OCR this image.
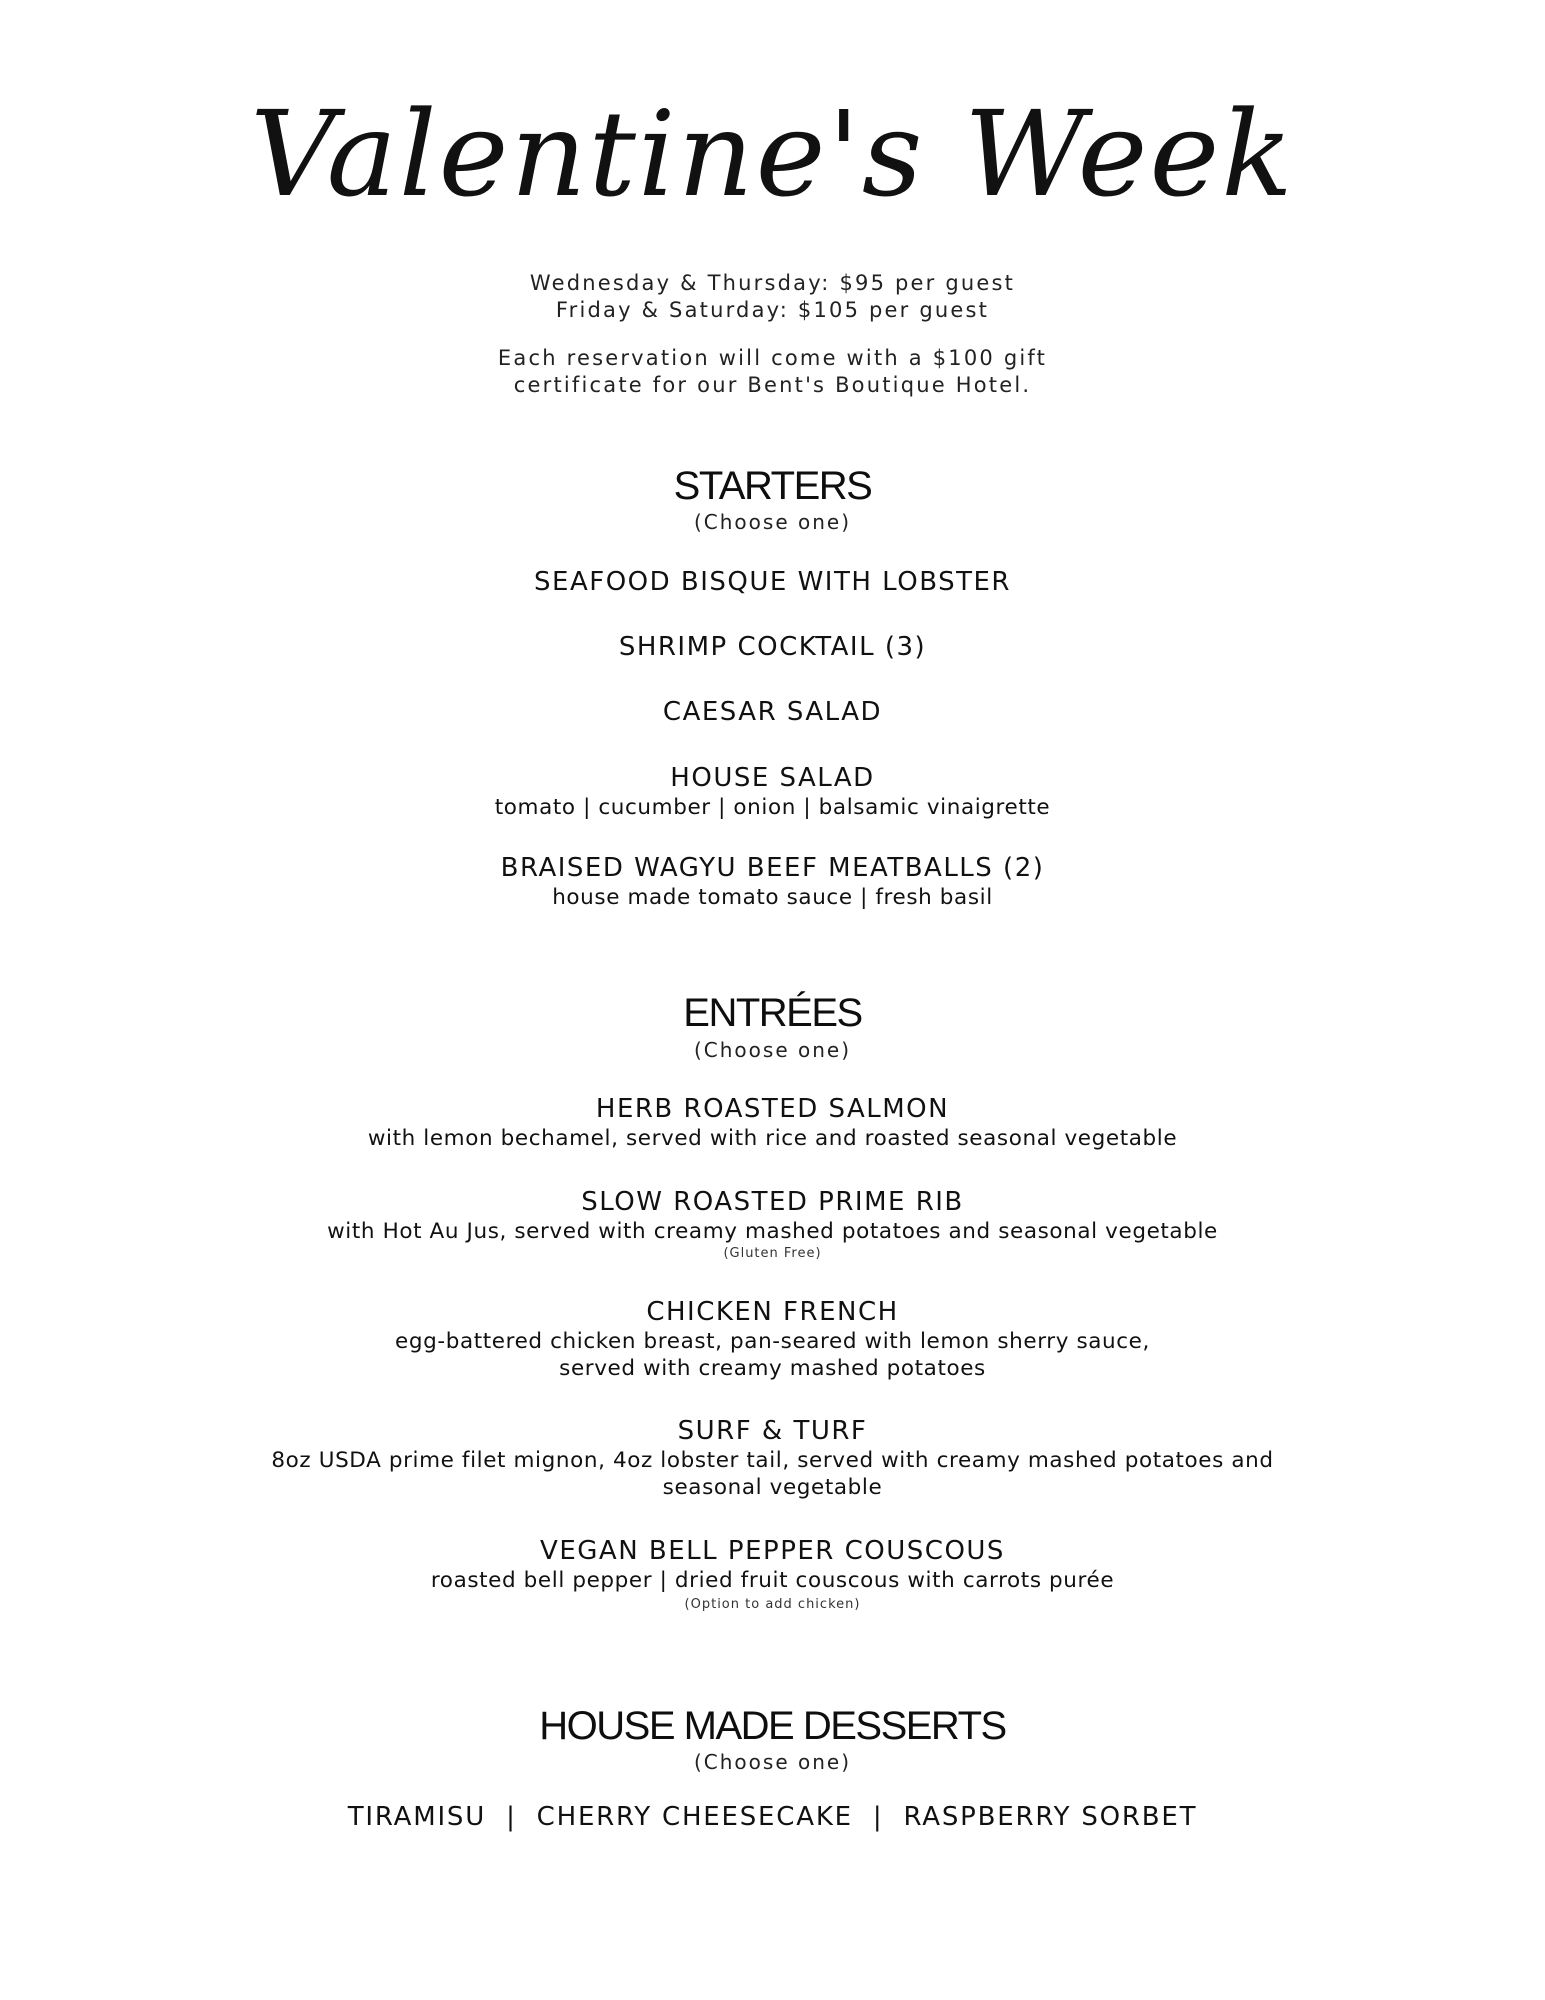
Valentine's Week
Wednesday & Thursday: $95 per guest
Friday & Saturday: $105 per guest
Each reservation will come with a $100 gift
certificate for our Bent's Boutique Hotel.
STARTERS
(Choose one)
SEAFOOD BISQUE WITH LOBSTER
SHRIMP COCKTAIL (3)
CAESAR SALAD
HOUSE SALAD
tomato | cucumber | onion | balsamic vinaigrette
BRAISED WAGYU BEEF MEATBALLS (2)
house made tomato sauce | fresh basil
ENTRÉES
(Choose one)
HERB ROASTED SALMON
with lemon bechamel, served with rice and roasted seasonal vegetable
SLOW ROASTED PRIME RIB
with Hot Au Jus, served with creamy mashed potatoes and seasonal vegetable
(Gluten Free)
CHICKEN FRENCH
egg-battered chicken breast, pan-seared with lemon sherry sauce,
served with creamy mashed potatoes
SURF & TURF
8oz USDA prime filet mignon, 4oz lobster tail, served with creamy mashed potatoes and
seasonal vegetable
VEGAN BELL PEPPER COUSCOUS
roasted bell pepper | dried fruit couscous with carrots purée
(Option to add chicken)
HOUSE MADE DESSERTS
(Choose one)
TIRAMISU | CHERRY CHEESECAKE | RASPBERRY SORBET
